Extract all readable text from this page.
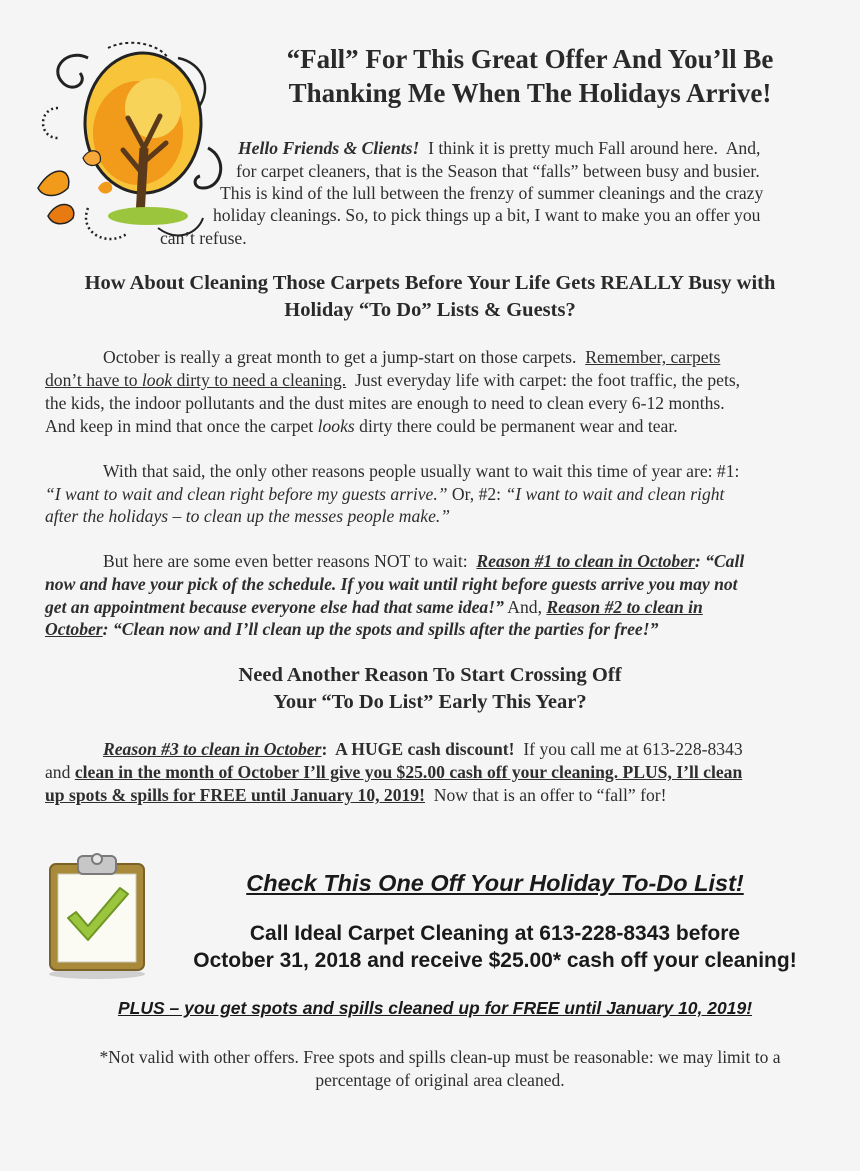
“Fall” For This Great Offer And You’ll Be
Thanking Me When The Holidays Arrive!
Hello Friends & Clients!  I think it is pretty much Fall around here.  And,
for carpet cleaners, that is the Season that “falls” between busy and busier.
This is kind of the lull between the frenzy of summer cleanings and the crazy
holiday cleanings. So, to pick things up a bit, I want to make you an offer you
can’t refuse.
How About Cleaning Those Carpets Before Your Life Gets REALLY Busy with
Holiday “To Do” Lists & Guests?
October is really a great month to get a jump-start on those carpets.  Remember, carpets
don’t have to look dirty to need a cleaning.  Just everyday life with carpet: the foot traffic, the pets,
the kids, the indoor pollutants and the dust mites are enough to need to clean every 6-12 months.
And keep in mind that once the carpet looks dirty there could be permanent wear and tear.
With that said, the only other reasons people usually want to wait this time of year are: #1:
“I want to wait and clean right before my guests arrive.” Or, #2: “I want to wait and clean right
after the holidays – to clean up the messes people make.”
But here are some even better reasons NOT to wait:  Reason #1 to clean in October: “Call
now and have your pick of the schedule. If you wait until right before guests arrive you may not
get an appointment because everyone else had that same idea!” And, Reason #2 to clean in
October: “Clean now and I’ll clean up the spots and spills after the parties for free!”
Need Another Reason To Start Crossing Off
Your “To Do List” Early This Year?
Reason #3 to clean in October:  A HUGE cash discount!  If you call me at 613-228-8343
and clean in the month of October I’ll give you $25.00 cash off your cleaning. PLUS, I’ll clean
up spots & spills for FREE until January 10, 2019!  Now that is an offer to “fall” for!
Check This One Off Your Holiday To-Do List!
Call Ideal Carpet Cleaning at 613-228-8343 before
October 31, 2018 and receive $25.00* cash off your cleaning!
PLUS – you get spots and spills cleaned up for FREE until January 10, 2019!
*Not valid with other offers. Free spots and spills clean-up must be reasonable: we may limit to a
percentage of original area cleaned.
